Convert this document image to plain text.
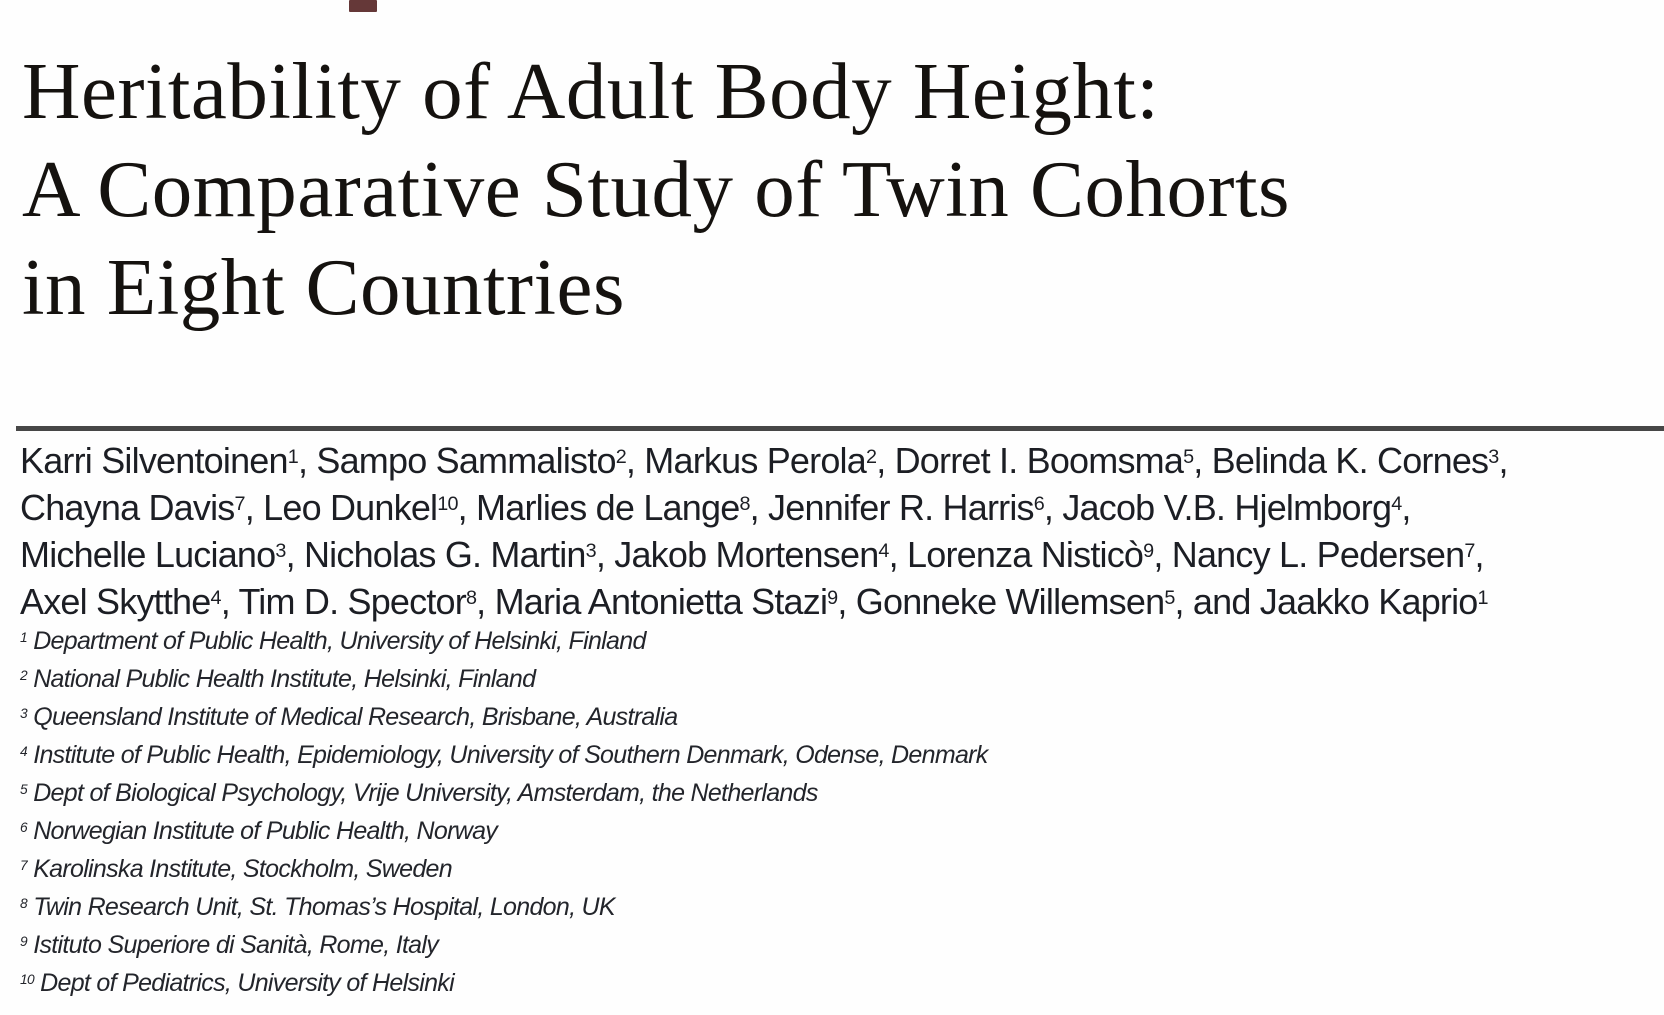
Heritability of Adult Body Height:
A Comparative Study of Twin Cohorts
in Eight Countries
Karri Silventoinen$^1$, Sampo Sammalisto$^2$, Markus Perola$^2$, Dorret I. Boomsma$^5$, Belinda K. Cornes$^3$,
Chayna Davis$^7$, Leo Dunkel$^{10}$, Marlies de Lange$^8$, Jennifer R. Harris$^6$, Jacob V.B. Hjelmborg$^4$,
Michelle Luciano$^3$, Nicholas G. Martin$^3$, Jakob Mortensen$^4$, Lorenza Nisticò$^9$, Nancy L. Pedersen$^7$,
Axel Skytthe$^4$, Tim D. Spector$^8$, Maria Antonietta Stazi$^9$, Gonneke Willemsen$^5$, and Jaakko Kaprio$^1$
$^1$ Department of Public Health, University of Helsinki, Finland
$^2$ National Public Health Institute, Helsinki, Finland
$^3$ Queensland Institute of Medical Research, Brisbane, Australia
$^4$ Institute of Public Health, Epidemiology, University of Southern Denmark, Odense, Denmark
$^5$ Dept of Biological Psychology, Vrije University, Amsterdam, the Netherlands
$^6$ Norwegian Institute of Public Health, Norway
$^7$ Karolinska Institute, Stockholm, Sweden
$^8$ Twin Research Unit, St. Thomas’s Hospital, London, UK
$^9$ Istituto Superiore di Sanità, Rome, Italy
$^{10}$ Dept of Pediatrics, University of Helsinki
